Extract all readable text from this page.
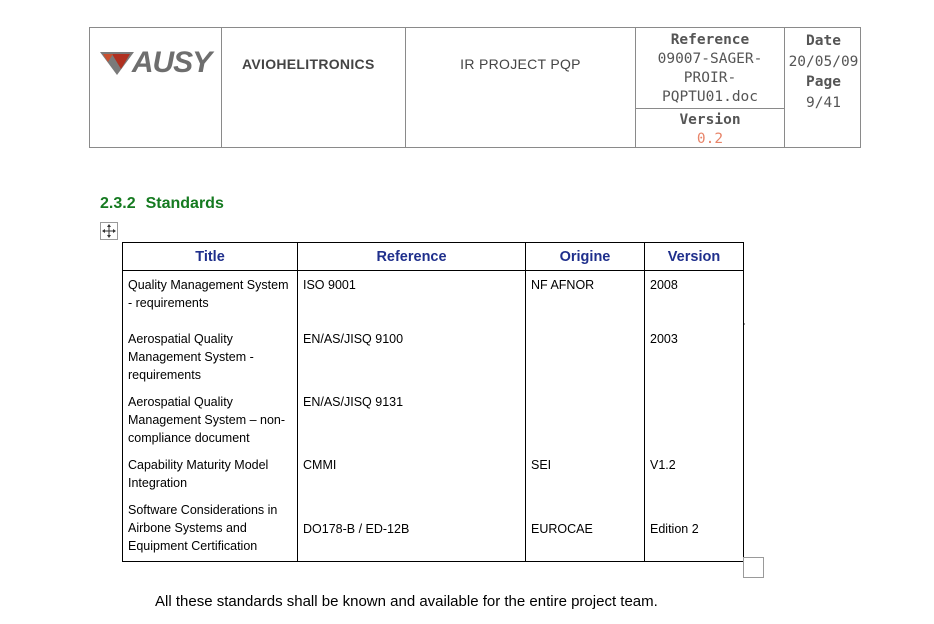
AUSY AVIOHELITRONICS	IR PROJECT PQP
Reference
09007-SAGER-
PROIR-
PQPTU01.doc
Version
0.2
Date
20/05/09
Page
9/41
2.3.2 Standards
Title	Reference	Origine	Version
Quality Management System - requirements	ISO 9001	NF AFNOR	2008
Aerospatial Quality Management System - requirements	EN/AS/JISQ 9100		2003
Aerospatial Quality Management System – non-compliance document	EN/AS/JISQ 9131		
Capability Maturity Model Integration	CMMI	SEI	V1.2
Software Considerations in Airbone Systems and Equipment Certification	DO178-B / ED-12B	EUROCAE	Edition 2
All these standards shall be known and available for the entire project team.
